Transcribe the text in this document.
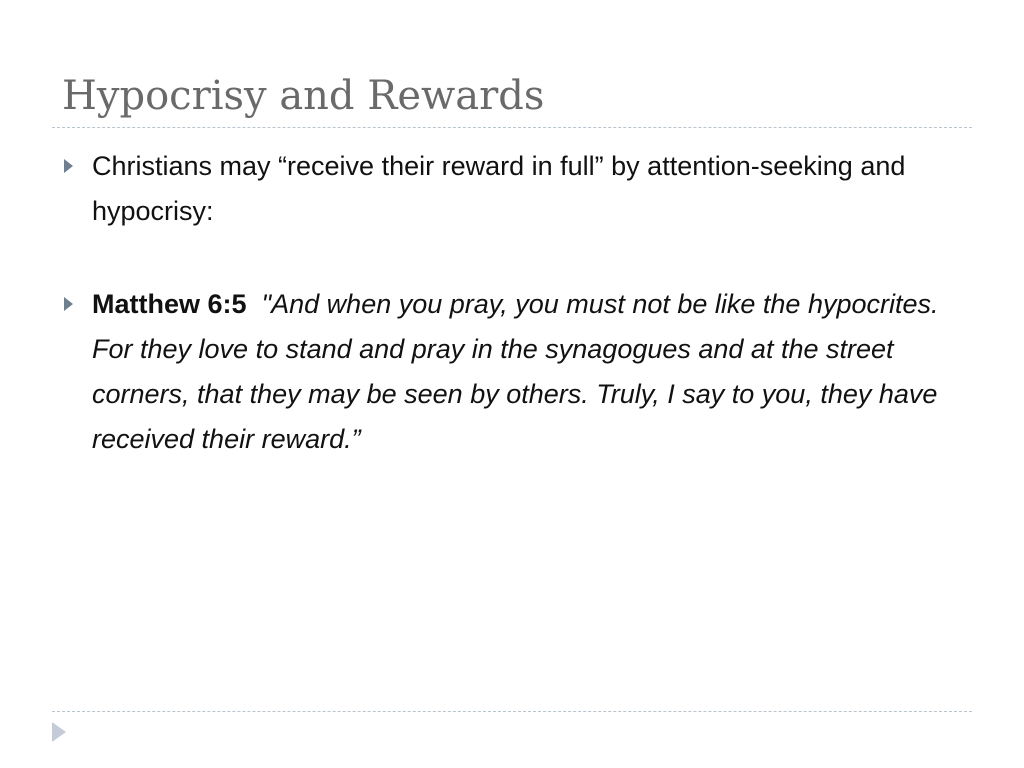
Hypocrisy and Rewards
Christians may “receive their reward in full” by attention-seeking and hypocrisy:
Matthew 6:5 "And when you pray, you must not be like the hypocrites. For they love to stand and pray in the synagogues and at the street corners, that they may be seen by others. Truly, I say to you, they have received their reward.”
